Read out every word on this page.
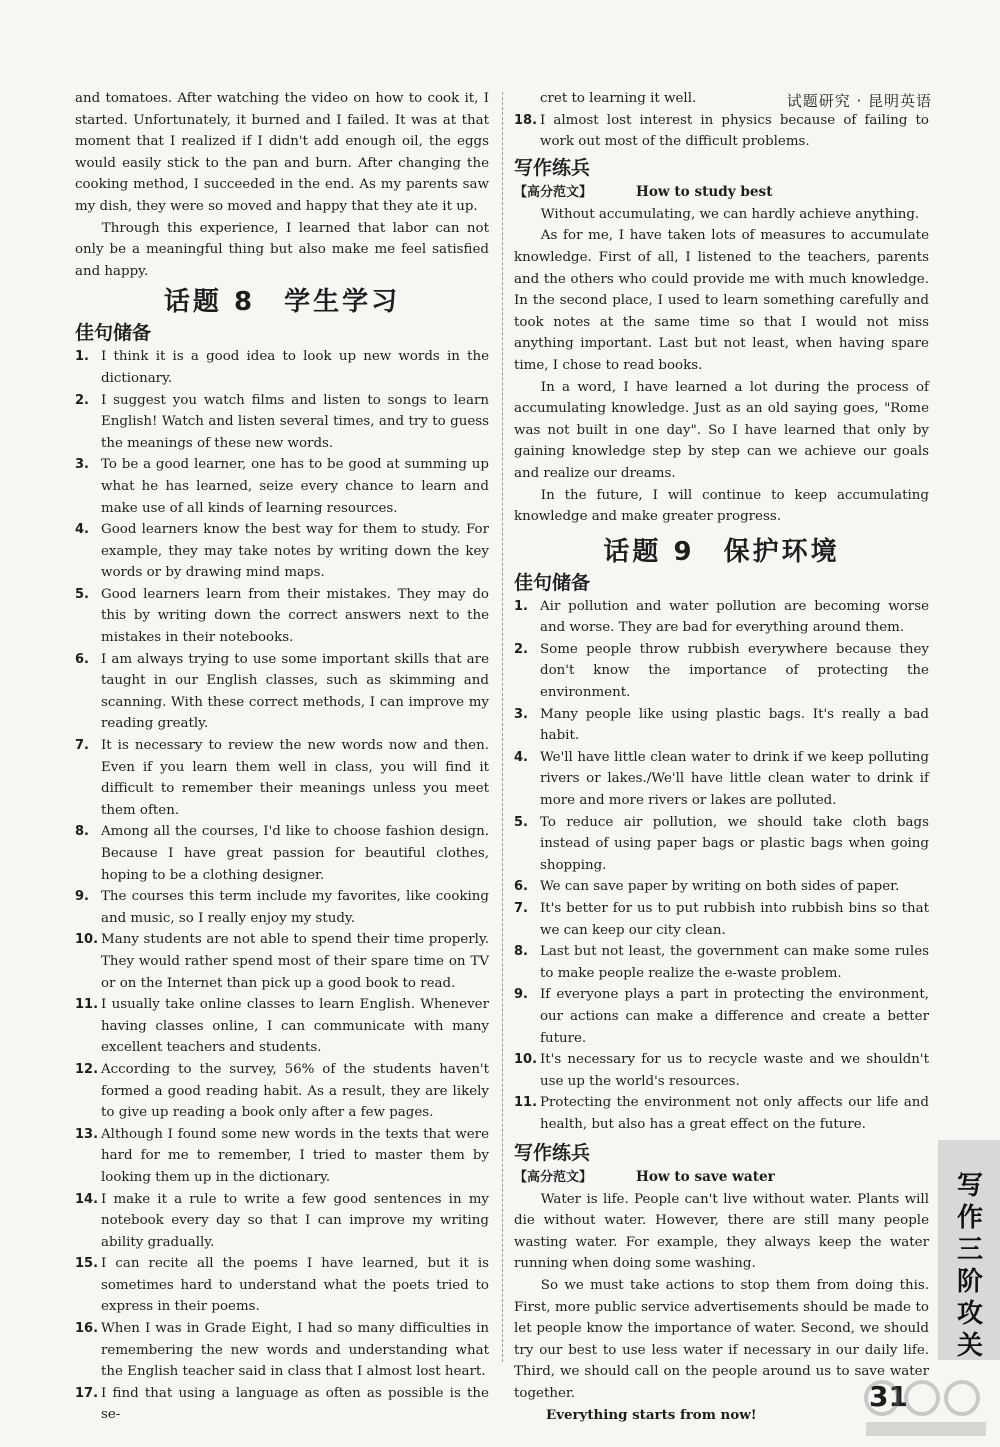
试题研究 · 昆明英语

and tomatoes. After watching the video on how to cook it, I started. Unfortunately, it burned and I failed. It was at that moment that I realized if I didn't add enough oil, the eggs would easily stick to the pan and burn. After changing the cooking method, I succeeded in the end. As my parents saw my dish, they were so moved and happy that they ate it up.

Through this experience, I learned that labor can not only be a meaningful thing but also make me feel satisfied and happy.

话题 8　学生学习
佳句储备
1. I think it is a good idea to look up new words in the dictionary.
2. I suggest you watch films and listen to songs to learn English! Watch and listen several times, and try to guess the meanings of these new words.
3. To be a good learner, one has to be good at summing up what he has learned, seize every chance to learn and make use of all kinds of learning resources.
4. Good learners know the best way for them to study. For example, they may take notes by writing down the key words or by drawing mind maps.
5. Good learners learn from their mistakes. They may do this by writing down the correct answers next to the mistakes in their notebooks.
6. I am always trying to use some important skills that are taught in our English classes, such as skimming and scanning. With these correct methods, I can improve my reading greatly.
7. It is necessary to review the new words now and then. Even if you learn them well in class, you will find it difficult to remember their meanings unless you meet them often.
8. Among all the courses, I'd like to choose fashion design. Because I have great passion for beautiful clothes, hoping to be a clothing designer.
9. The courses this term include my favorites, like cooking and music, so I really enjoy my study.
10. Many students are not able to spend their time properly. They would rather spend most of their spare time on TV or on the Internet than pick up a good book to read.
11. I usually take online classes to learn English. Whenever having classes online, I can communicate with many excellent teachers and students.
12. According to the survey, 56% of the students haven't formed a good reading habit. As a result, they are likely to give up reading a book only after a few pages.
13. Although I found some new words in the texts that were hard for me to remember, I tried to master them by looking them up in the dictionary.
14. I make it a rule to write a few good sentences in my notebook every day so that I can improve my writing ability gradually.
15. I can recite all the poems I have learned, but it is sometimes hard to understand what the poets tried to express in their poems.
16. When I was in Grade Eight, I had so many difficulties in remembering the new words and understanding what the English teacher said in class that I almost lost heart.
17. I find that using a language as often as possible is the se-

cret to learning it well.

18. I almost lost interest in physics because of failing to work out most of the difficult problems.
写作练兵
【高分范文】	How to study best

Without accumulating, we can hardly achieve anything.

As for me, I have taken lots of measures to accumulate knowledge. First of all, I listened to the teachers, parents and the others who could provide me with much knowledge. In the second place, I used to learn something carefully and took notes at the same time so that I would not miss anything important. Last but not least, when having spare time, I chose to read books.

In a word, I have learned a lot during the process of accumulating knowledge. Just as an old saying goes, "Rome was not built in one day". So I have learned that only by gaining knowledge step by step can we achieve our goals and realize our dreams.

In the future, I will continue to keep accumulating knowledge and make greater progress.

话题 9　保护环境
佳句储备
1. Air pollution and water pollution are becoming worse and worse. They are bad for everything around them.
2. Some people throw rubbish everywhere because they don't know the importance of protecting the environment.
3. Many people like using plastic bags. It's really a bad habit.
4. We'll have little clean water to drink if we keep polluting rivers or lakes./We'll have little clean water to drink if more and more rivers or lakes are polluted.
5. To reduce air pollution, we should take cloth bags instead of using paper bags or plastic bags when going shopping.
6. We can save paper by writing on both sides of paper.
7. It's better for us to put rubbish into rubbish bins so that we can keep our city clean.
8. Last but not least, the government can make some rules to make people realize the e-waste problem.
9. If everyone plays a part in protecting the environment, our actions can make a difference and create a better future.
10. It's necessary for us to recycle waste and we shouldn't use up the world's resources.
11. Protecting the environment not only affects our life and health, but also has a great effect on the future.
写作练兵
【高分范文】	How to save water

Water is life. People can't live without water. Plants will die without water. However, there are still many people wasting water. For example, they always keep the water running when doing some washing.

So we must take actions to stop them from doing this. First, more public service advertisements should be made to let people know the importance of water. Second, we should try our best to use less water if necessary in our daily life. Third, we should call on the people around us to save water together.

Everything starts from now!
写作三阶攻关
31
